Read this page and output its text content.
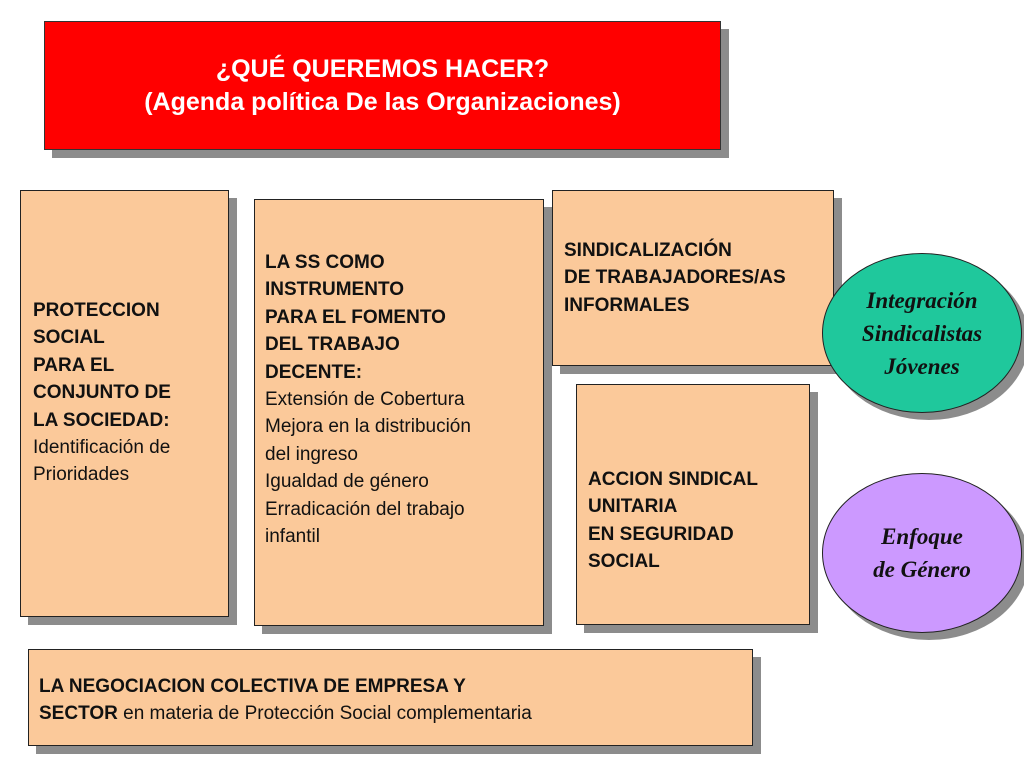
¿QUÉ QUEREMOS HACER?
(Agenda política De las Organizaciones)
PROTECCION
SOCIAL
PARA EL
CONJUNTO DE
LA SOCIEDAD:
Identificación de
Prioridades
LA SS COMO
INSTRUMENTO
PARA EL FOMENTO
DEL TRABAJO
DECENTE:
Extensión de Cobertura
Mejora en la distribución
del ingreso
Igualdad de género
Erradicación del trabajo
infantil
SINDICALIZACIÓN
DE TRABAJADORES/AS
INFORMALES
ACCION SINDICAL
UNITARIA
EN SEGURIDAD
SOCIAL
LA NEGOCIACION COLECTIVA DE EMPRESA Y
SECTOR en materia de Protección Social complementaria
Integración
Sindicalistas
Jóvenes
Enfoque
de Género
